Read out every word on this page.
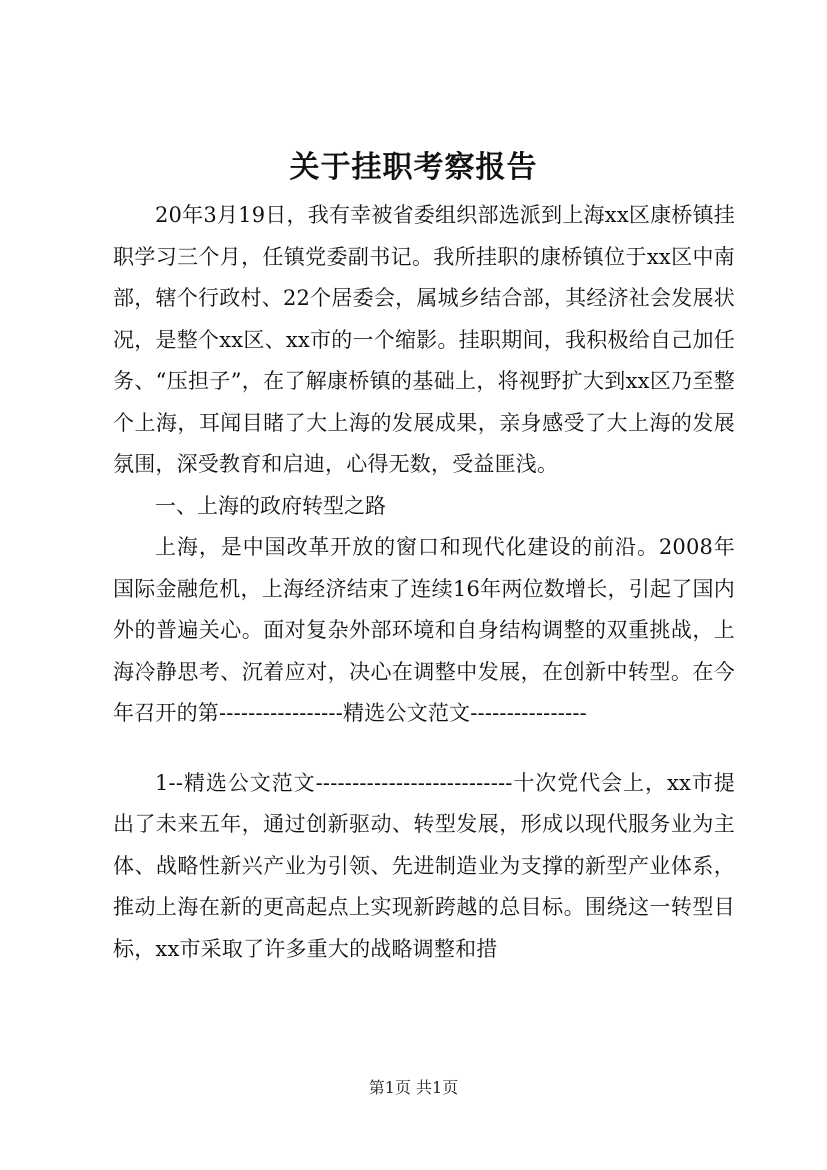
关于挂职考察报告

20年3月19日，我有幸被省委组织部选派到上海xx区康桥镇挂职学习三个月，任镇党委副书记。我所挂职的康桥镇位于xx区中南部，辖个行政村、22个居委会，属城乡结合部，其经济社会发展状况，是整个xx区、xx市的一个缩影。挂职期间，我积极给自己加任务、“压担子”，在了解康桥镇的基础上，将视野扩大到xx区乃至整个上海，耳闻目睹了大上海的发展成果，亲身感受了大上海的发展氛围，深受教育和启迪，心得无数，受益匪浅。

一、上海的政府转型之路

上海，是中国改革开放的窗口和现代化建设的前沿。2008年国际金融危机，上海经济结束了连续16年两位数增长，引起了国内外的普遍关心。面对复杂外部环境和自身结构调整的双重挑战，上海冷静思考、沉着应对，决心在调整中发展，在创新中转型。在今年召开的第-----------------精选公文范文----------------

1--精选公文范文---------------------------十次党代会上，xx市提出了未来五年，通过创新驱动、转型发展，形成以现代服务业为主体、战略性新兴产业为引领、先进制造业为支撑的新型产业体系，推动上海在新的更高起点上实现新跨越的总目标。围绕这一转型目标，xx市采取了许多重大的战略调整和措

第1页 共1页
